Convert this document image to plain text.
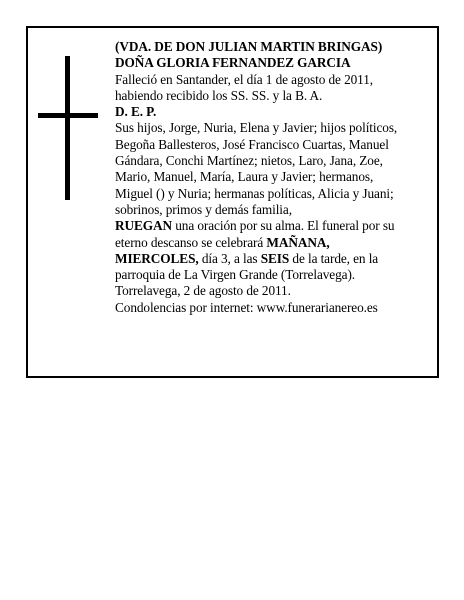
(VDA. DE DON JULIAN MARTIN BRINGAS)

DOÑA GLORIA FERNANDEZ GARCIA

Falleció en Santander, el día 1 de agosto de 2011,

habiendo recibido los SS. SS. y la B. A.

D. E. P.

Sus hijos, Jorge, Nuria, Elena y Javier; hijos políticos,

Begoña Ballesteros, José Francisco Cuartas, Manuel

Gándara, Conchi Martínez; nietos, Laro, Jana, Zoe,

Mario, Manuel, María, Laura y Javier; hermanos,

Miguel () y Nuria; hermanas políticas, Alicia y Juani;

sobrinos, primos y demás familia,

RUEGAN una oración por su alma. El funeral por su

eterno descanso se celebrará MAÑANA,

MIERCOLES, día 3, a las SEIS de la tarde, en la

parroquia de La Virgen Grande (Torrelavega).

Torrelavega, 2 de agosto de 2011.

Condolencias por internet: www.funerarianereo.es
